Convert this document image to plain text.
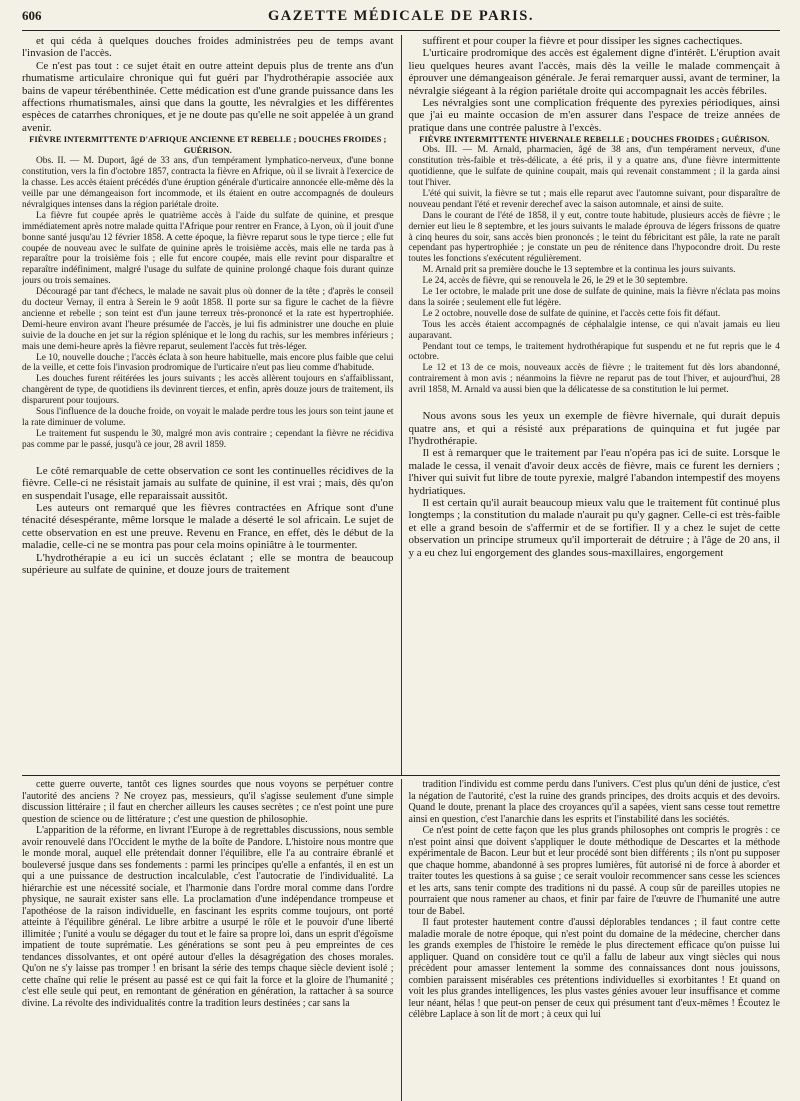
606	GAZETTE MÉDICALE DE PARIS.

et qui céda à quelques douches froides administrées peu de temps avant l'invasion de l'accès.

Ce n'est pas tout : ce sujet était en outre atteint depuis plus de trente ans d'un rhumatisme articulaire chronique qui fut guéri par l'hydrothérapie associée aux bains de vapeur térébenthinée. Cette médication est d'une grande puissance dans les affections rhumatismales, ainsi que dans la goutte, les névralgies et les différentes espèces de catarrhes chroniques, et je ne doute pas qu'elle ne soit appelée à un grand avenir.

FIÈVRE INTERMITTENTE D'AFRIQUE ANCIENNE ET REBELLE ; DOUCHES FROIDES ; GUÉRISON.

Obs. II. — M. Duport, âgé de 33 ans, d'un tempérament lymphatico-nerveux, d'une bonne constitution, vers la fin d'octobre 1857, contracta la fièvre en Afrique, où il se livrait à l'exercice de la chasse. Les accès étaient précédés d'une éruption générale d'urticaire annoncée elle-même dès la veille par une démangeaison fort incommode, et ils étaient en outre accompagnés de douleurs névralgiques intenses dans la région pariétale droite.

La fièvre fut coupée après le quatrième accès à l'aide du sulfate de quinine, et presque immédiatement après notre malade quitta l'Afrique pour rentrer en France, à Lyon, où il jouit d'une bonne santé jusqu'au 12 février 1858. A cette époque, la fièvre reparut sous le type tierce ; elle fut coupée de nouveau avec le sulfate de quinine après le troisième accès, mais elle ne tarda pas à reparaître pour la troisième fois ; elle fut encore coupée, mais elle revint pour disparaître et reparaître indéfiniment, malgré l'usage du sulfate de quinine prolongé chaque fois durant quinze jours ou trois semaines.

Découragé par tant d'échecs, le malade ne savait plus où donner de la tête ; d'après le conseil du docteur Vernay, il entra à Serein le 9 août 1858. Il porte sur sa figure le cachet de la fièvre ancienne et rebelle ; son teint est d'un jaune terreux très-prononcé et la rate est hypertrophiée. Demi-heure environ avant l'heure présumée de l'accès, je lui fis administrer une douche en pluie suivie de la douche en jet sur la région splénique et le long du rachis, sur les membres inférieurs ; mais une demi-heure après la fièvre reparut, seulement l'accès fut très-léger.

Le 10, nouvelle douche ; l'accès éclata à son heure habituelle, mais encore plus faible que celui de la veille, et cette fois l'invasion prodromique de l'urticaire n'eut pas lieu comme d'habitude.

Les douches furent réitérées les jours suivants ; les accès allèrent toujours en s'affaiblissant, changèrent de type, de quotidiens ils devinrent tierces, et enfin, après douze jours de traitement, ils disparurent pour toujours.

Sous l'influence de la douche froide, on voyait le malade perdre tous les jours son teint jaune et la rate diminuer de volume.

Le traitement fut suspendu le 30, malgré mon avis contraire ; cependant la fièvre ne récidiva pas comme par le passé, jusqu'à ce jour, 28 avril 1859.

Le côté remarquable de cette observation ce sont les continuelles récidives de la fièvre. Celle-ci ne résistait jamais au sulfate de quinine, il est vrai ; mais, dès qu'on en suspendait l'usage, elle reparaissait aussitôt.

Les auteurs ont remarqué que les fièvres contractées en Afrique sont d'une ténacité désespérante, même lorsque le malade a déserté le sol africain. Le sujet de cette observation en est une preuve. Revenu en France, en effet, dès le début de la maladie, celle-ci ne se montra pas pour cela moins opiniâtre à le tourmenter.

L'hydrothérapie a eu ici un succès éclatant ; elle se montra de beaucoup supérieure au sulfate de quinine, et douze jours de traitement

suffirent et pour couper la fièvre et pour dissiper les signes cachectiques.

L'urticaire prodromique des accès est également digne d'intérêt. L'éruption avait lieu quelques heures avant l'accès, mais dès la veille le malade commençait à éprouver une démangeaison générale. Je ferai remarquer aussi, avant de terminer, la névralgie siégeant à la région pariétale droite qui accompagnait les accès fébriles.

Les névralgies sont une complication fréquente des pyrexies périodiques, ainsi que j'ai eu mainte occasion de m'en assurer dans l'espace de treize années de pratique dans une contrée palustre à l'excès.

FIÈVRE INTERMITTENTE HIVERNALE REBELLE ; DOUCHES FROIDES ; GUÉRISON.

Obs. III. — M. Arnald, pharmacien, âgé de 38 ans, d'un tempérament nerveux, d'une constitution très-faible et très-délicate, a été pris, il y a quatre ans, d'une fièvre intermittente quotidienne, que le sulfate de quinine coupait, mais qui revenait constamment ; il la garda ainsi tout l'hiver.

L'été qui suivit, la fièvre se tut ; mais elle reparut avec l'automne suivant, pour disparaître de nouveau pendant l'été et revenir derechef avec la saison automnale, et ainsi de suite.

Dans le courant de l'été de 1858, il y eut, contre toute habitude, plusieurs accès de fièvre ; le dernier eut lieu le 8 septembre, et les jours suivants le malade éprouva de légers frissons de quatre à cinq heures du soir, sans accès bien prononcés ; le teint du fébricitant est pâle, la rate ne paraît cependant pas hypertrophiée ; je constate un peu de rénitence dans l'hypocondre droit. Du reste toutes les fonctions s'exécutent régulièrement.

M. Arnald prit sa première douche le 13 septembre et la continua les jours suivants.

Le 24, accès de fièvre, qui se renouvela le 26, le 29 et le 30 septembre.

Le 1er octobre, le malade prit une dose de sulfate de quinine, mais la fièvre n'éclata pas moins dans la soirée ; seulement elle fut légère.

Le 2 octobre, nouvelle dose de sulfate de quinine, et l'accès cette fois fit défaut.

Tous les accès étaient accompagnés de céphalalgie intense, ce qui n'avait jamais eu lieu auparavant.

Pendant tout ce temps, le traitement hydrothérapique fut suspendu et ne fut repris que le 4 octobre.

Le 12 et 13 de ce mois, nouveaux accès de fièvre ; le traitement fut dès lors abandonné, contrairement à mon avis ; néanmoins la fièvre ne reparut pas de tout l'hiver, et aujourd'hui, 28 avril 1858, M. Arnald va aussi bien que la délicatesse de sa constitution le lui permet.

Nous avons sous les yeux un exemple de fièvre hivernale, qui durait depuis quatre ans, et qui a résisté aux préparations de quinquina et fut jugée par l'hydrothérapie.

Il est à remarquer que le traitement par l'eau n'opéra pas ici de suite. Lorsque le malade le cessa, il venait d'avoir deux accès de fièvre, mais ce furent les derniers ; l'hiver qui suivit fut libre de toute pyrexie, malgré l'abandon intempestif des moyens hydriatiques.

Il est certain qu'il aurait beaucoup mieux valu que le traitement fût continué plus longtemps ; la constitution du malade n'aurait pu qu'y gagner. Celle-ci est très-faible et elle a grand besoin de s'affermir et de se fortifier. Il y a chez le sujet de cette observation un principe strumeux qu'il importerait de détruire ; à l'âge de 20 ans, il y a eu chez lui engorgement des glandes sous-maxillaires, engorgement

cette guerre ouverte, tantôt ces lignes sourdes que nous voyons se perpétuer contre l'autorité des anciens ? Ne croyez pas, messieurs, qu'il s'agisse seulement d'une simple discussion littéraire ; il faut en chercher ailleurs les causes secrètes ; ce n'est point une pure question de science ou de littérature ; c'est une question de philosophie.

L'apparition de la réforme, en livrant l'Europe à de regrettables discussions, nous semble avoir renouvelé dans l'Occident le mythe de la boîte de Pandore. L'histoire nous montre que le monde moral, auquel elle prétendait donner l'équilibre, elle l'a au contraire ébranlé et bouleversé jusque dans ses fondements : parmi les principes qu'elle a enfantés, il en est un qui a une puissance de destruction incalculable, c'est l'autocratie de l'individualité. La hiérarchie est une nécessité sociale, et l'harmonie dans l'ordre moral comme dans l'ordre physique, ne saurait exister sans elle. La proclamation d'une indépendance trompeuse et l'apothéose de la raison individuelle, en fascinant les esprits comme toujours, ont porté atteinte à l'équilibre général. Le libre arbitre a usurpé le rôle et le pouvoir d'une liberté illimitée ; l'unité a voulu se dégager du tout et le faire sa propre loi, dans un esprit d'égoïsme impatient de toute suprématie. Les générations se sont peu à peu empreintes de ces tendances dissolvantes, et ont opéré autour d'elles la désagrégation des choses morales. Qu'on ne s'y laisse pas tromper ! en brisant la série des temps chaque siècle devient isolé ; cette chaîne qui relie le présent au passé est ce qui fait la force et la gloire de l'humanité ; c'est elle seule qui peut, en remontant de génération en génération, la rattacher à sa source divine. La révolte des individualités contre la tradition leurs destinées ; car sans la

tradition l'individu est comme perdu dans l'univers. C'est plus qu'un déni de justice, c'est la négation de l'autorité, c'est la ruine des grands principes, des droits acquis et des devoirs. Quand le doute, prenant la place des croyances qu'il a sapées, vient sans cesse tout remettre ainsi en question, c'est l'anarchie dans les esprits et l'instabilité dans les sociétés.

Ce n'est point de cette façon que les plus grands philosophes ont compris le progrès : ce n'est point ainsi que doivent s'appliquer le doute méthodique de Descartes et la méthode expérimentale de Bacon. Leur but et leur procédé sont bien différents ; ils n'ont pu supposer que chaque homme, abandonné à ses propres lumières, fût autorisé ni de force à aborder et traiter toutes les questions à sa guise ; ce serait vouloir recommencer sans cesse les sciences et les arts, sans tenir compte des traditions ni du passé. A coup sûr de pareilles utopies ne pourraient que nous ramener au chaos, et finir par faire de l'œuvre de l'humanité une autre tour de Babel.

Il faut protester hautement contre d'aussi déplorables tendances ; il faut contre cette maladie morale de notre époque, qui n'est point du domaine de la médecine, chercher dans les grands exemples de l'histoire le remède le plus directement efficace qu'on puisse lui appliquer. Quand on considère tout ce qu'il a fallu de labeur aux vingt siècles qui nous précèdent pour amasser lentement la somme des connaissances dont nous jouissons, combien paraissent misérables ces prétentions individuelles si exorbitantes ! Et quand on voit les plus grandes intelligences, les plus vastes génies avouer leur insuffisance et comme leur néant, hélas ! que peut-on penser de ceux qui présument tant d'eux-mêmes ! Écoutez le célèbre Laplace à son lit de mort ; à ceux qui lui
